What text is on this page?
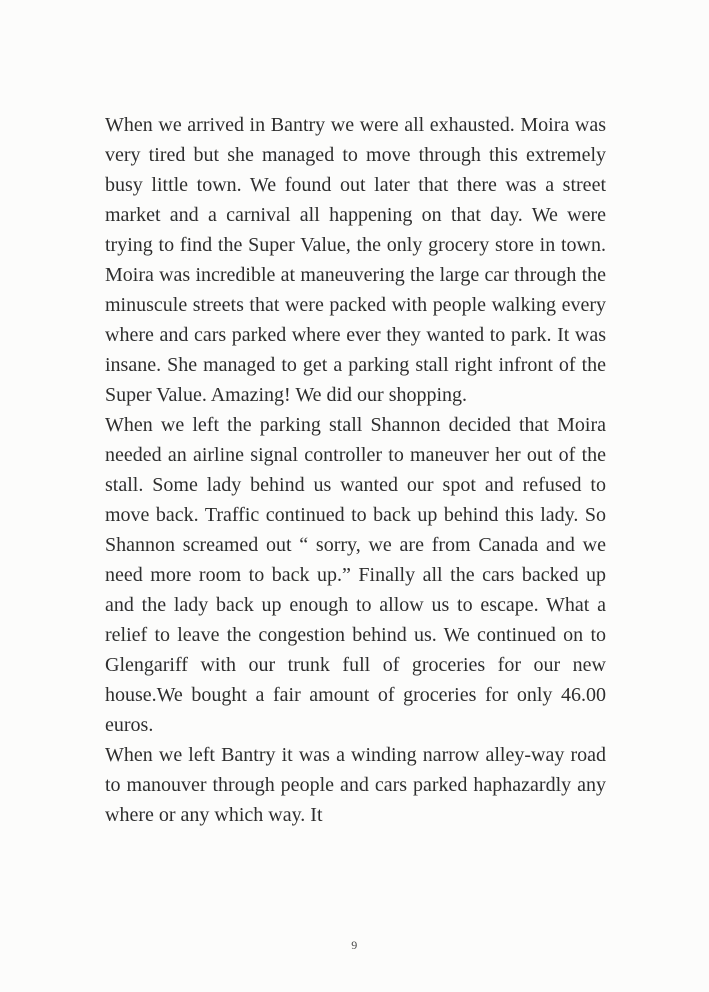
When we arrived in Bantry we were all exhausted. Moira was very tired but she managed to move through this extremely busy little town. We found out later that there was a street market and a carnival all happening on that day. We were trying to find the Super Value, the only grocery store in town. Moira was incredible at maneuvering the large car through the minuscule streets that were packed with people walking every where and cars parked where ever they wanted to park. It was insane. She managed to get a parking stall right infront of the Super Value. Amazing! We did our shopping.

When we left the parking stall Shannon decided that Moira needed an airline signal controller to maneuver her out of the stall. Some lady behind us wanted our spot and refused to move back. Traffic continued to back up behind this lady. So Shannon screamed out “ sorry, we are from Canada and we need more room to back up.” Finally all the cars backed up and the lady back up enough to allow us to escape. What a relief to leave the congestion behind us. We continued on to Glengariff with our trunk full of groceries for our new house.We bought a fair amount of groceries for only 46.00 euros.

When we left Bantry it was a winding narrow alley-way road to manouver through people and cars parked haphazardly any where or any which way. It

9
